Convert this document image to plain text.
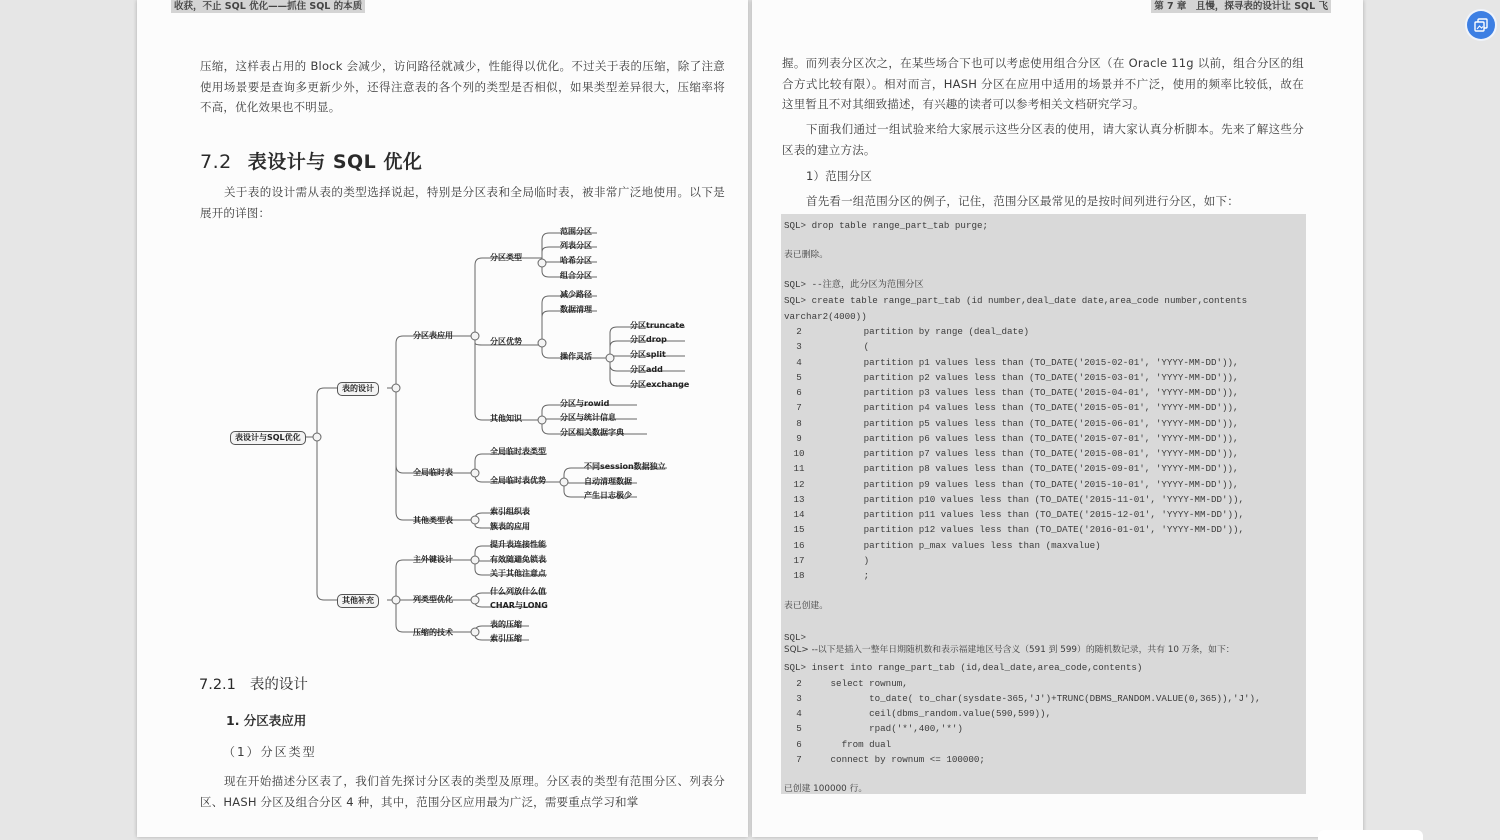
收获，不止 SQL 优化——抓住 SQL 的本质
压缩，这样表占用的 Block 会减少，访问路径就减少，性能得以优化。不过关于表的压缩，除了注意使用场景要是查询多更新少外，还得注意表的各个列的类型是否相似，如果类型差异很大，压缩率将不高，优化效果也不明显。
7.2 表设计与 SQL 优化
关于表的设计需从表的类型选择说起，特别是分区表和全局临时表，被非常广泛地使用。以下是展开的详图：
表设计与SQL优化
表的设计
其他补充
分区表应用
分区类型
范围分区
列表分区
哈希分区
组合分区
分区优势
减少路径
数据清理
操作灵活
分区truncate
分区drop
分区split
分区add
分区exchange
其他知识
分区与rowid
分区与统计信息
分区相关数据字典
全局临时表
全局临时表类型
全局临时表优势
不同session数据独立
自动清理数据
产生日志极少
其他类型表
索引组织表
簇表的应用
主外键设计
提升表连接性能
有效随避免锁表
关于其他注意点
列类型优化
什么列放什么值
CHAR与LONG
压缩的技术
表的压缩
索引压缩
7.2.1 表的设计
1. 分区表应用
（1）分区类型
现在开始描述分区表了，我们首先探讨分区表的类型及原理。分区表的类型有范围分区、列表分区、HASH 分区及组合分区 4 种，其中，范围分区应用最为广泛，需要重点学习和掌
第 7 章　且慢，探寻表的设计让 SQL 飞
握。而列表分区次之，在某些场合下也可以考虑使用组合分区（在 Oracle 11g 以前，组合分区的组合方式比较有限）。相对而言，HASH 分区在应用中适用的场景并不广泛，使用的频率比较低，故在这里暂且不对其细致描述，有兴趣的读者可以参考相关文档研究学习。
下面我们通过一组试验来给大家展示这些分区表的使用，请大家认真分析脚本。先来了解这些分区表的建立方法。
1）范围分区
首先看一组范围分区的例子，记住，范围分区最常见的是按时间列进行分区，如下：
SQL> drop table range_part_tab purge;
表已删除。
SQL> --注意，此分区为范围分区
SQL> create table range_part_tab (id number,deal_date date,area_code number,contents
varchar2(4000))
2         partition by range (deal_date)
3         (
4         partition p1 values less than (TO_DATE('2015-02-01', 'YYYY-MM-DD')),
5         partition p2 values less than (TO_DATE('2015-03-01', 'YYYY-MM-DD')),
6         partition p3 values less than (TO_DATE('2015-04-01', 'YYYY-MM-DD')),
7         partition p4 values less than (TO_DATE('2015-05-01', 'YYYY-MM-DD')),
8         partition p5 values less than (TO_DATE('2015-06-01', 'YYYY-MM-DD')),
9         partition p6 values less than (TO_DATE('2015-07-01', 'YYYY-MM-DD')),
10         partition p7 values less than (TO_DATE('2015-08-01', 'YYYY-MM-DD')),
11         partition p8 values less than (TO_DATE('2015-09-01', 'YYYY-MM-DD')),
12         partition p9 values less than (TO_DATE('2015-10-01', 'YYYY-MM-DD')),
13         partition p10 values less than (TO_DATE('2015-11-01', 'YYYY-MM-DD')),
14         partition p11 values less than (TO_DATE('2015-12-01', 'YYYY-MM-DD')),
15         partition p12 values less than (TO_DATE('2016-01-01', 'YYYY-MM-DD')),
16         partition p_max values less than (maxvalue)
17         )
18         ;
表已创建。
SQL>
SQL> --以下是插入一整年日期随机数和表示福建地区号含义（591 到 599）的随机数记录，共有 10 万条，如下：
SQL> insert into range_part_tab (id,deal_date,area_code,contents)
2   select rownum,
3          to_date( to_char(sysdate-365,'J')+TRUNC(DBMS_RANDOM.VALUE(0,365)),'J'),
4          ceil(dbms_random.value(590,599)),
5          rpad('*',400,'*')
6     from dual
7   connect by rownum <= 100000;
已创建 100000 行。
